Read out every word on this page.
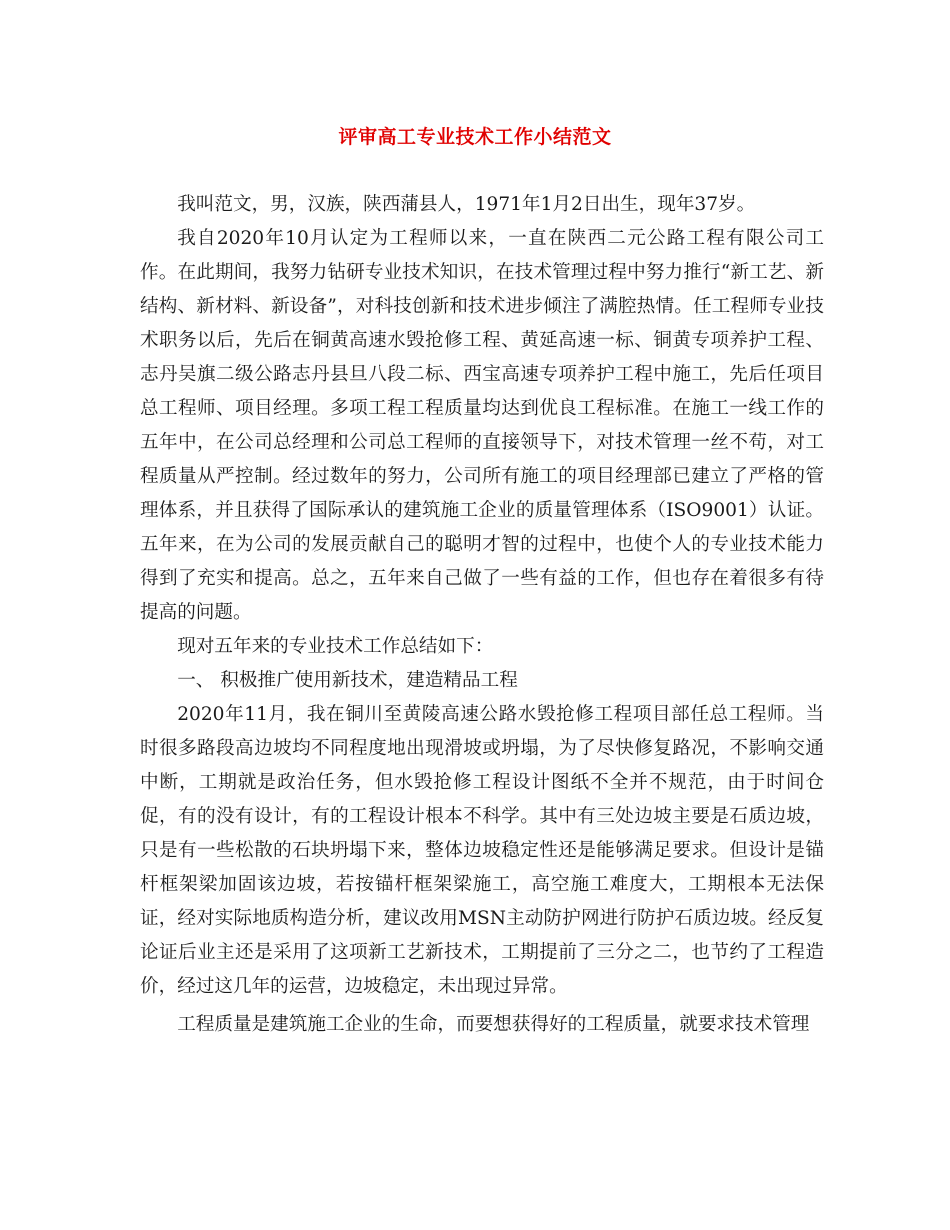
评审高工专业技术工作小结范文

我叫范文，男，汉族，陕西蒲县人，1971年1月2日出生，现年37岁。

我自2020年10月认定为工程师以来，一直在陕西二元公路工程有限公司工作。在此期间，我努力钻研专业技术知识，在技术管理过程中努力推行“新工艺、新结构、新材料、新设备”，对科技创新和技术进步倾注了满腔热情。任工程师专业技术职务以后，先后在铜黄高速水毁抢修工程、黄延高速一标、铜黄专项养护工程、志丹吴旗二级公路志丹县旦八段二标、西宝高速专项养护工程中施工，先后任项目总工程师、项目经理。多项工程工程质量均达到优良工程标准。在施工一线工作的五年中，在公司总经理和公司总工程师的直接领导下，对技术管理一丝不苟，对工程质量从严控制。经过数年的努力，公司所有施工的项目经理部已建立了严格的管理体系，并且获得了国际承认的建筑施工企业的质量管理体系（ISO9001）认证。五年来，在为公司的发展贡献自己的聪明才智的过程中，也使个人的专业技术能力得到了充实和提高。总之，五年来自己做了一些有益的工作，但也存在着很多有待提高的问题。

现对五年来的专业技术工作总结如下：

一、 积极推广使用新技术，建造精品工程

2020年11月，我在铜川至黄陵高速公路水毁抢修工程项目部任总工程师。当时很多路段高边坡均不同程度地出现滑坡或坍塌，为了尽快修复路况，不影响交通中断，工期就是政治任务，但水毁抢修工程设计图纸不全并不规范，由于时间仓促，有的没有设计，有的工程设计根本不科学。其中有三处边坡主要是石质边坡，只是有一些松散的石块坍塌下来，整体边坡稳定性还是能够满足要求。但设计是锚杆框架梁加固该边坡，若按锚杆框架梁施工，高空施工难度大，工期根本无法保证，经对实际地质构造分析，建议改用MSN主动防护网进行防护石质边坡。经反复论证后业主还是采用了这项新工艺新技术，工期提前了三分之二，也节约了工程造价，经过这几年的运营，边坡稳定，未出现过异常。

工程质量是建筑施工企业的生命，而要想获得好的工程质量，就要求技术管理
